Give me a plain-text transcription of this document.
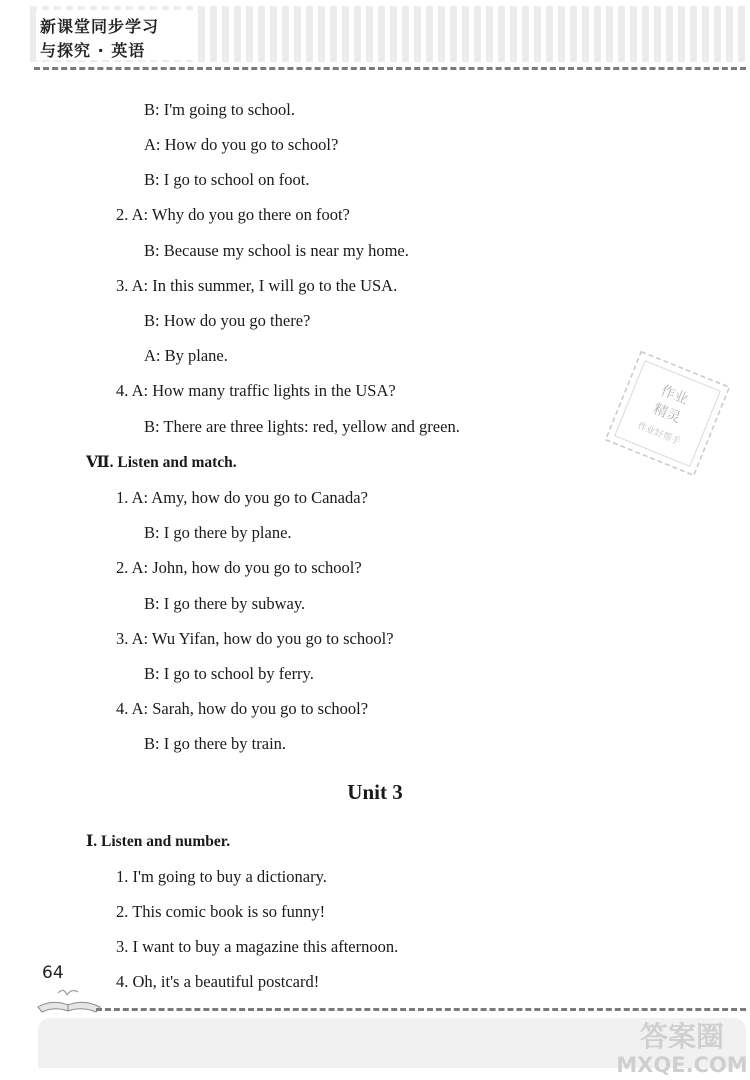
新课堂同步学习
与探究 · 英语
B: I'm going to school.
A: How do you go to school?
B: I go to school on foot.
2. A: Why do you go there on foot?
B: Because my school is near my home.
3. A: In this summer, I will go to the USA.
B: How do you go there?
A: By plane.
4. A: How many traffic lights in the USA?
B: There are three lights: red, yellow and green.
Ⅶ. Listen and match.
1. A: Amy, how do you go to Canada?
B: I go there by plane.
2. A: John, how do you go to school?
B: I go there by subway.
3. A: Wu Yifan, how do you go to school?
B: I go to school by ferry.
4. A: Sarah, how do you go to school?
B: I go there by train.
Unit 3
Ⅰ. Listen and number.
1. I'm going to buy a dictionary.
2. This comic book is so funny!
3. I want to buy a magazine this afternoon.
4. Oh, it's a beautiful postcard!
作业
精灵
作业好帮手
64
答案圈
MXQE.COM
